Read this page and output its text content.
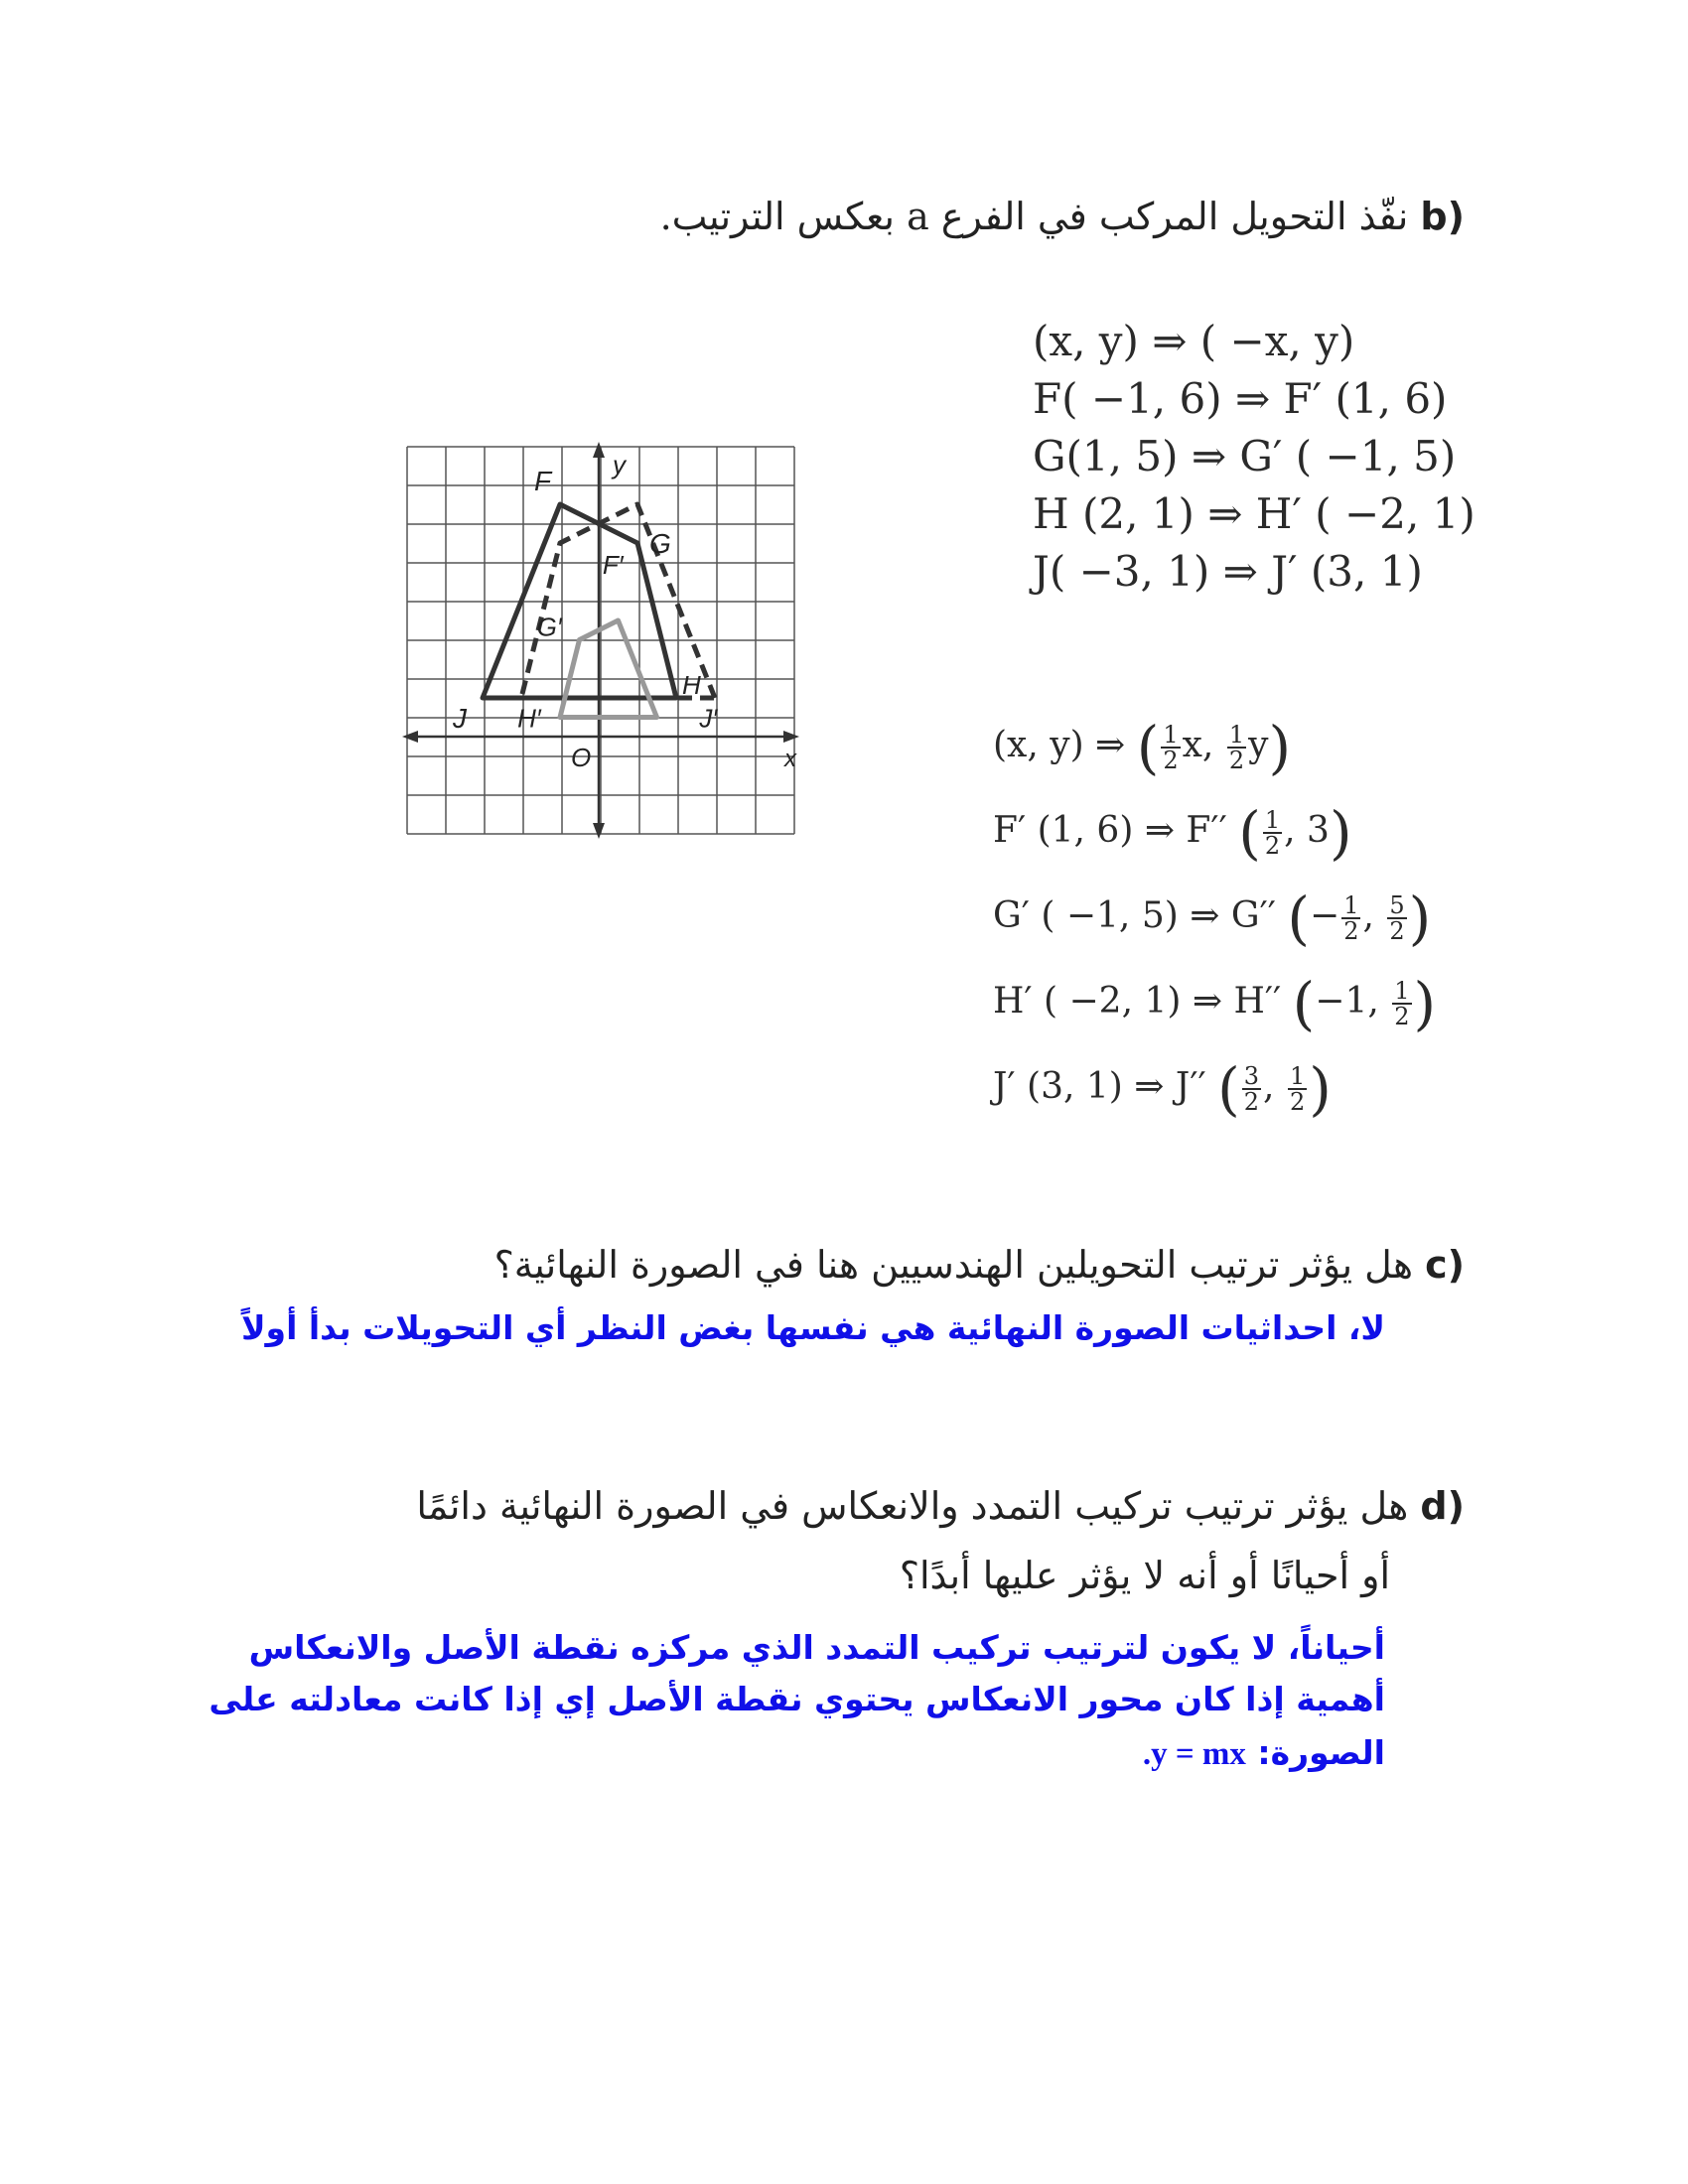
b) نفّذ التحويل المركب في الفرع a بعكس الترتيب.
(x, y) ⇒ ( −x, y)
F( −1, 6) ⇒ F′ (1, 6)
G(1, 5) ⇒ G′ ( −1, 5)
H (2, 1) ⇒ H′ ( −2, 1)
J( −3, 1) ⇒ J′ (3, 1)
(x, y) ⇒ ( $\frac{1}{2} x$, $\frac{1}{2} y$)
F′ (1, 6) ⇒ F′′ ( $\frac{1}{2}$ , 3)
G′ ( −1, 5) ⇒ G′′ (− $\frac{1}{2}$ , $\frac{5}{2}$ )
H′ ( −2, 1) ⇒ H′′ (−1, $\frac{1}{2}$ )
J′ (3, 1) ⇒ J′′ ( $\frac{3}{2}$ , $\frac{1}{2}$ )
y
x
O
F
G
J
H
F′
G′
H′	J′
c) هل يؤثر ترتيب التحويلين الهندسيين هنا في الصورة النهائية؟
لا، احداثيات الصورة النهائية هي نفسها بغض النظر أي التحويلات بدأ أولاً
d) هل يؤثر ترتيب تركيب التمدد والانعكاس في الصورة النهائية دائمًا
أو أحيانًا أو أنه لا يؤثر عليها أبدًا؟
أحياناً، لا يكون لترتيب تركيب التمدد الذي مركزه نقطة الأصل والانعكاس
أهمية إذا كان محور الانعكاس يحتوي نقطة الأصل إي إذا كانت معادلته على
الصورة: .y = mx
